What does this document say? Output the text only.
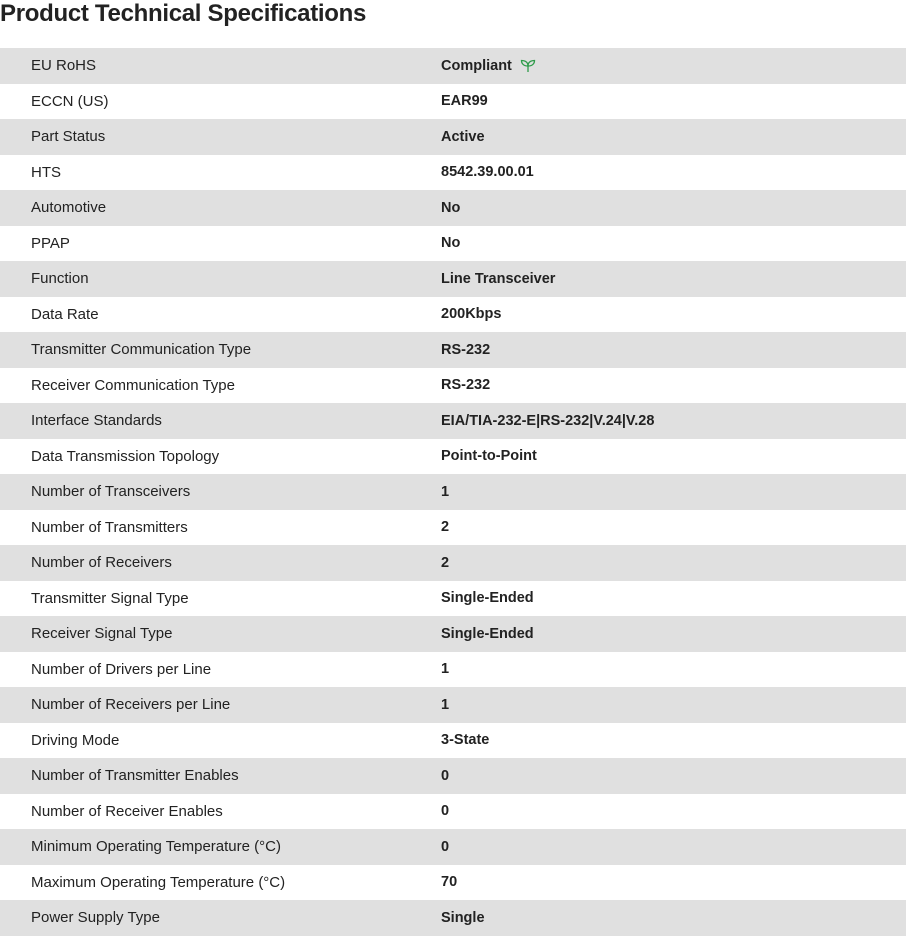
Product Technical Specifications
EU RoHS	Compliant
ECCN (US)	EAR99
Part Status	Active
HTS	8542.39.00.01
Automotive	No
PPAP	No
Function	Line Transceiver
Data Rate	200Kbps
Transmitter Communication Type	RS-232
Receiver Communication Type	RS-232
Interface Standards	EIA/TIA-232-E|RS-232|V.24|V.28
Data Transmission Topology	Point-to-Point
Number of Transceivers	1
Number of Transmitters	2
Number of Receivers	2
Transmitter Signal Type	Single-Ended
Receiver Signal Type	Single-Ended
Number of Drivers per Line	1
Number of Receivers per Line	1
Driving Mode	3-State
Number of Transmitter Enables	0
Number of Receiver Enables	0
Minimum Operating Temperature (°C)	0
Maximum Operating Temperature (°C)	70
Power Supply Type	Single
